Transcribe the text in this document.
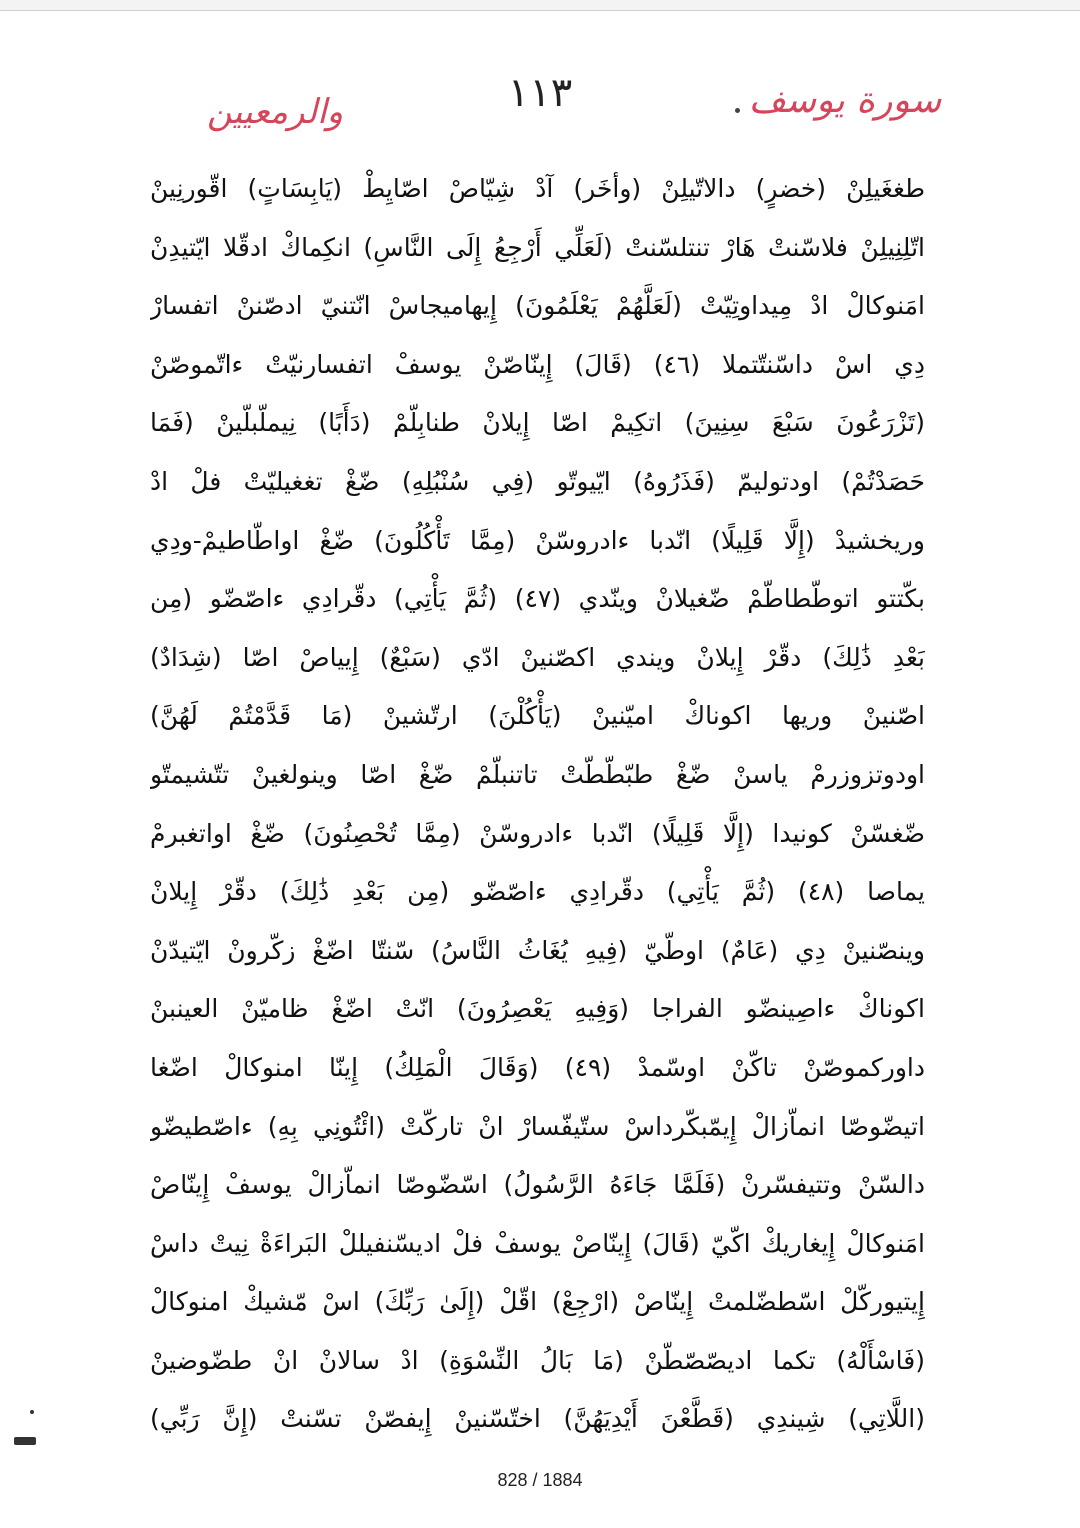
سورة يوسف
١١٣
والرمعيين
طغغَيلِنْ (خضرٍ) دالاتّيلِنْ (وأخَر) آدْ شِيّاصْ اصّايِطْ (يَابِسَاتٍ) اقّورنِينْ
اتّلِنِيلِنْ فلاسّنتْ هَارْ تنتلسّنتْ (لَعَلِّي أَرْجِعُ إِلَى النَّاسِ) انكِماكْ ادقّلا ايّتيدِنْ
امَنوكالْ ادْ مِيداوتِيّتْ (لَعَلَّهُمْ يَعْلَمُونَ) إِيهاميجاسْ انّتنيّ ادصّننْ اتفسارْ
دِي اسْ داسّنتّتملا (٤٦) (قَالَ) إِينّاصّنْ يوسفْ اتفسارنيّتْ ءاتّموصّنْ
(تَزْرَعُونَ سَبْعَ سِنِينَ) اتكِيمْ اصّا إِيلانْ طنابِلّمْ (دَأَبًا) نِيملّبلّينْ (فَمَا
حَصَدْتُمْ) اودتوليمّ (فَذَرُوهُ) ايّيوتّو (فِي سُنْبُلِهِ) ضّغْ تغغيليّتْ فلْ ادْ
وريخشيدْ (إِلَّا قَلِيلًا) انّدبا ءادروسّنْ (مِمَّا تَأْكُلُونَ) ضّغْ اواطّاطيمْ-ودِي
بكّتتو اتوطّطاطّمْ ضّغيلانْ وينّدي (٤٧) (ثُمَّ يَأْتِي) دقّرادِي ءاصّضّو (مِن
بَعْدِ ذَٰلِكَ) دقّرْ إِيلانْ ويندي اكصّنينْ ادّي (سَبْعٌ) إِيياصْ اصّا (شِدَادٌ)
اصّنينْ وريها اكوناكْ اميّنينْ (يَأْكُلْنَ) ارتّشينْ (مَا قَدَّمْتُمْ لَهُنَّ)
اودوتزوزرمْ ياسنْ ضّغْ طبّطّطّتْ تاتنبلّمْ ضّغْ اصّا وينولغينْ تتّشيمتّو
ضّغسّنْ كونيدا (إِلَّا قَلِيلًا) انّدبا ءادروسّنْ (مِمَّا تُحْصِنُونَ) ضّغْ اواتغبرمْ
يماصا (٤٨) (ثُمَّ يَأْتِي) دقّرادِي ءاصّضّو (مِن بَعْدِ ذَٰلِكَ) دقّرْ إِيلانْ
وينصّنينْ دِي (عَامٌ) اوطّيّ (فِيهِ يُغَاثُ النَّاسُ) سّنتّا اضّغْ زكّرونْ ايّتيدّنْ
اكوناكْ ءاصِينضّو الفراجا (وَفِيهِ يَعْصِرُونَ) انّتْ اضّغْ ظاميّنْ العينبنْ
داوركموصّنْ تاكّنْ اوسّمدْ (٤٩) (وَقَالَ الْمَلِكُ) إِينّا امنوكالْ اضّغا
اتيضّوصّا انماّزالْ إِيمّبكّرداسْ ستّيفّسارْ انْ تاركّتْ (ائْتُونِي بِهِ) ءاصّطيضّو
دالسّنْ وتتيفسّرنْ (فَلَمَّا جَاءَهُ الرَّسُولُ) اسّضّوصّا انماّزالْ يوسفْ إِينّاصْ
امَنوكالْ إِيغاريكْ اكّيّ (قَالَ) إِينّاصْ يوسفْ فلْ اديسّنفيللْ البَراءَةْ نِيتْ داسْ
إِيتيوركّلْ اسّطضّلمتْ إِينّاصْ (ارْجِعْ) اقّلْ (إِلَىٰ رَبِّكَ) اسْ مّشيكْ امنوكالْ
(فَاسْأَلْهُ) تكما اديصّصّطّنْ (مَا بَالُ النِّسْوَةِ) ادْ سالانْ انْ طضّوضينْ
(اللَّاتِي) شِيندِي (قَطَّعْنَ أَيْدِيَهُنَّ) اختّسّنينْ إِيفصّنْ تسّنتْ (إِنَّ رَبِّي)
828 / 1884
